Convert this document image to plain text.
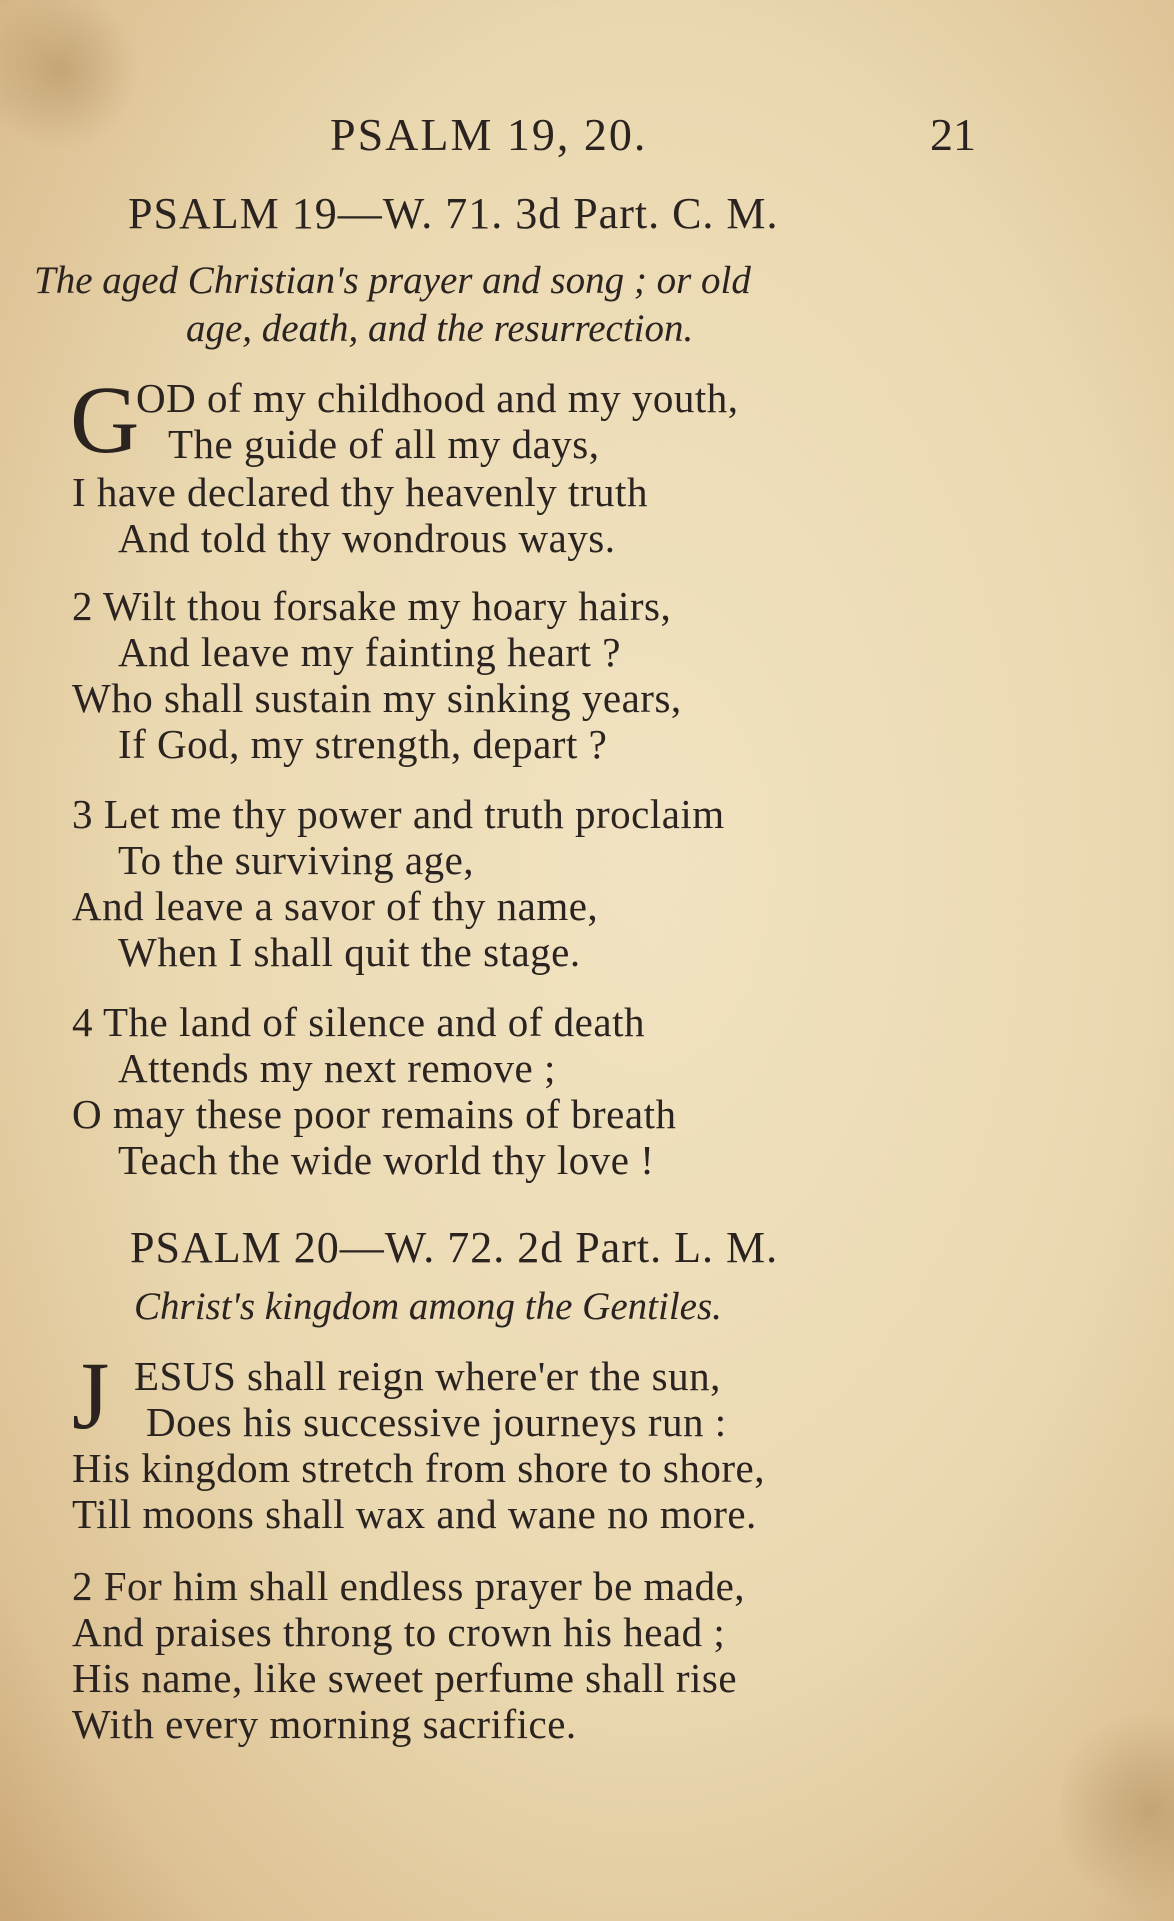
PSALM 19, 20.	21
PSALM 19—W. 71. 3d Part. C. M.
The aged Christian's prayer and song ; or old
age, death, and the resurrection.
G
OD of my childhood and my youth,
The guide of all my days,
I have declared thy heavenly truth
And told thy wondrous ways.
2 Wilt thou forsake my hoary hairs,
And leave my fainting heart ?
Who shall sustain my sinking years,
If God, my strength, depart ?
3 Let me thy power and truth proclaim
To the surviving age,
And leave a savor of thy name,
When I shall quit the stage.
4 The land of silence and of death
Attends my next remove ;
O may these poor remains of breath
Teach the wide world thy love !
PSALM 20—W. 72. 2d Part. L. M.
Christ's kingdom among the Gentiles.
J ESUS shall reign where'er the sun,
Does his successive journeys run :
His kingdom stretch from shore to shore,
Till moons shall wax and wane no more.
2 For him shall endless prayer be made,
And praises throng to crown his head ;
His name, like sweet perfume shall rise
With every morning sacrifice.
